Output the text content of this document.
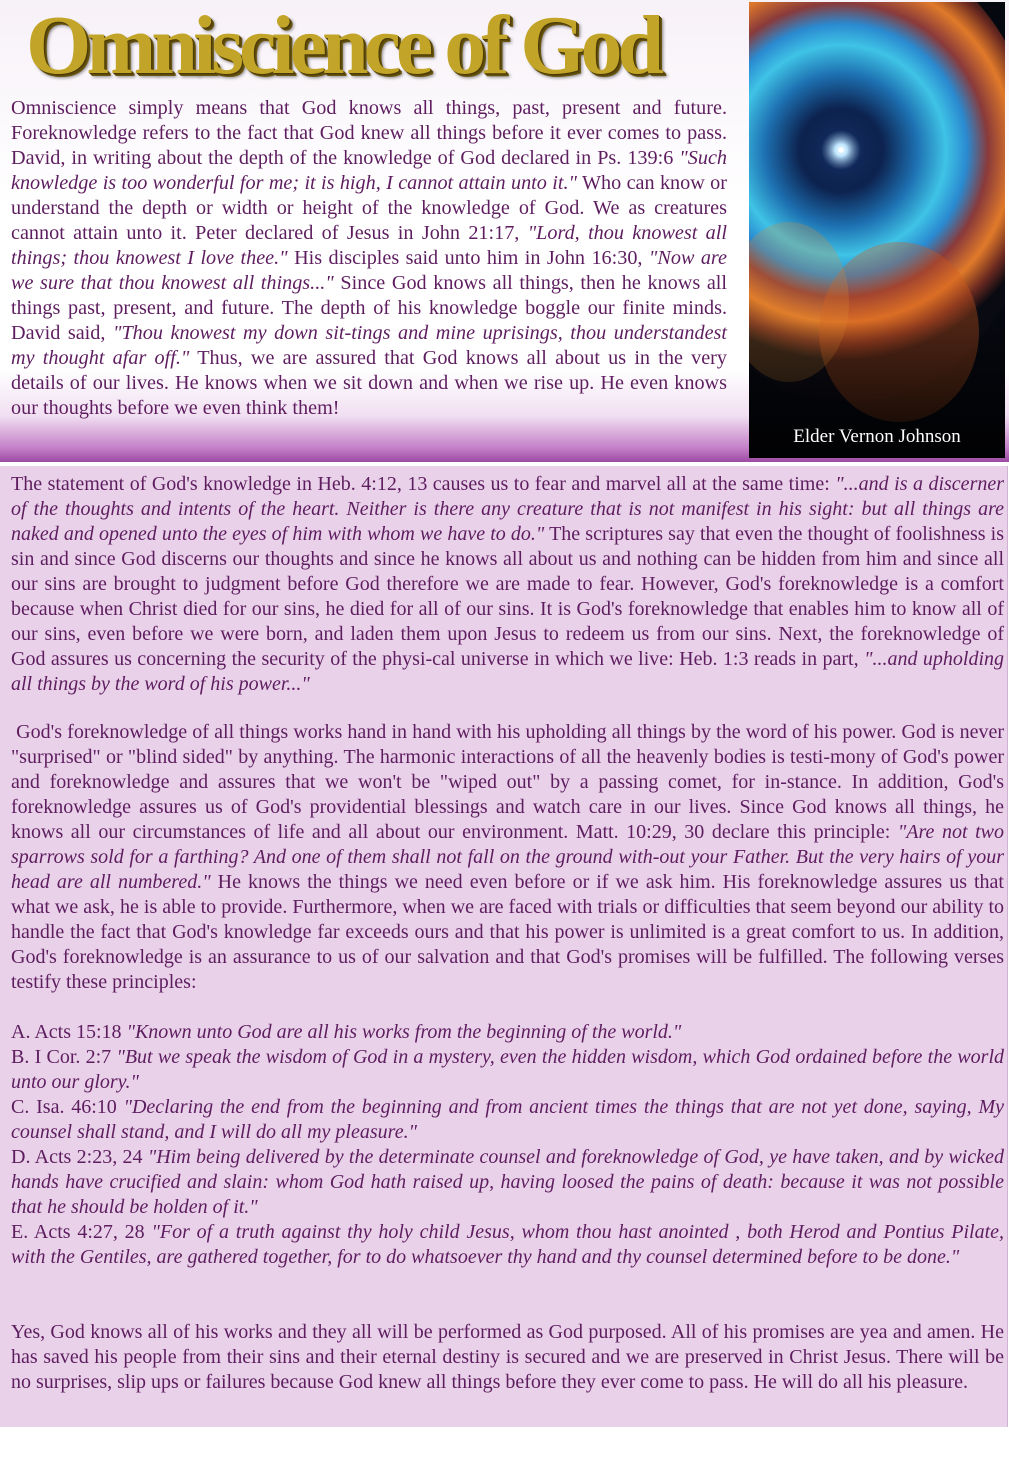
Omniscience of God
Omniscience simply means that God knows all things, past, present and future. Foreknowledge refers to the fact that God knew all things before it ever comes to pass. David, in writing about the depth of the knowledge of God declared in Ps. 139:6 "Such knowledge is too wonderful for me; it is high, I cannot attain unto it." Who can know or understand the depth or width or height of the knowledge of God. We as creatures cannot attain unto it. Peter declared of Jesus in John 21:17, "Lord, thou knowest all things; thou knowest I love thee." His disciples said unto him in John 16:30, "Now are we sure that thou knowest all things..." Since God knows all things, then he knows all things past, present, and future. The depth of his knowledge boggle our finite minds. David said, "Thou knowest my down sit-tings and mine uprisings, thou understandest my thought afar off." Thus, we are assured that God knows all about us in the very details of our lives. He knows when we sit down and when we rise up. He even knows our thoughts before we even think them!
Elder Vernon Johnson

The statement of God's knowledge in Heb. 4:12, 13 causes us to fear and marvel all at the same time: "...and is a discerner of the thoughts and intents of the heart. Neither is there any creature that is not manifest in his sight: but all things are naked and opened unto the eyes of him with whom we have to do." The scriptures say that even the thought of foolishness is sin and since God discerns our thoughts and since he knows all about us and nothing can be hidden from him and since all our sins are brought to judgment before God therefore we are made to fear. However, God's foreknowledge is a comfort because when Christ died for our sins, he died for all of our sins. It is God's foreknowledge that enables him to know all of our sins, even before we were born, and laden them upon Jesus to redeem us from our sins. Next, the foreknowledge of God assures us concerning the security of the physi-cal universe in which we live: Heb. 1:3 reads in part, "...and upholding all things by the word of his power..."

God's foreknowledge of all things works hand in hand with his upholding all things by the word of his power. God is never "surprised" or "blind sided" by anything. The harmonic interactions of all the heavenly bodies is testi-mony of God's power and foreknowledge and assures that we won't be "wiped out" by a passing comet, for in-stance. In addition, God's foreknowledge assures us of God's providential blessings and watch care in our lives. Since God knows all things, he knows all our circumstances of life and all about our environment. Matt. 10:29, 30 declare this principle: "Are not two sparrows sold for a farthing? And one of them shall not fall on the ground with-out your Father. But the very hairs of your head are all numbered." He knows the things we need even before or if we ask him. His foreknowledge assures us that what we ask, he is able to provide. Furthermore, when we are faced with trials or difficulties that seem beyond our ability to handle the fact that God's knowledge far exceeds ours and that his power is unlimited is a great comfort to us. In addition, God's foreknowledge is an assurance to us of our salvation and that God's promises will be fulfilled. The following verses testify these principles:

A. Acts 15:18 "Known unto God are all his works from the beginning of the world."

B. I Cor. 2:7 "But we speak the wisdom of God in a mystery, even the hidden wisdom, which God ordained before the world unto our glory."

C. Isa. 46:10 "Declaring the end from the beginning and from ancient times the things that are not yet done, saying, My counsel shall stand, and I will do all my pleasure."

D. Acts 2:23, 24 "Him being delivered by the determinate counsel and foreknowledge of God, ye have taken, and by wicked hands have crucified and slain: whom God hath raised up, having loosed the pains of death: because it was not possible that he should be holden of it."

E. Acts 4:27, 28 "For of a truth against thy holy child Jesus, whom thou hast anointed , both Herod and Pontius Pilate, with the Gentiles, are gathered together, for to do whatsoever thy hand and thy counsel determined before to be done."

Yes, God knows all of his works and they all will be performed as God purposed. All of his promises are yea and amen. He has saved his people from their sins and their eternal destiny is secured and we are preserved in Christ Jesus. There will be no surprises, slip ups or failures because God knew all things before they ever come to pass. He will do all his pleasure.
